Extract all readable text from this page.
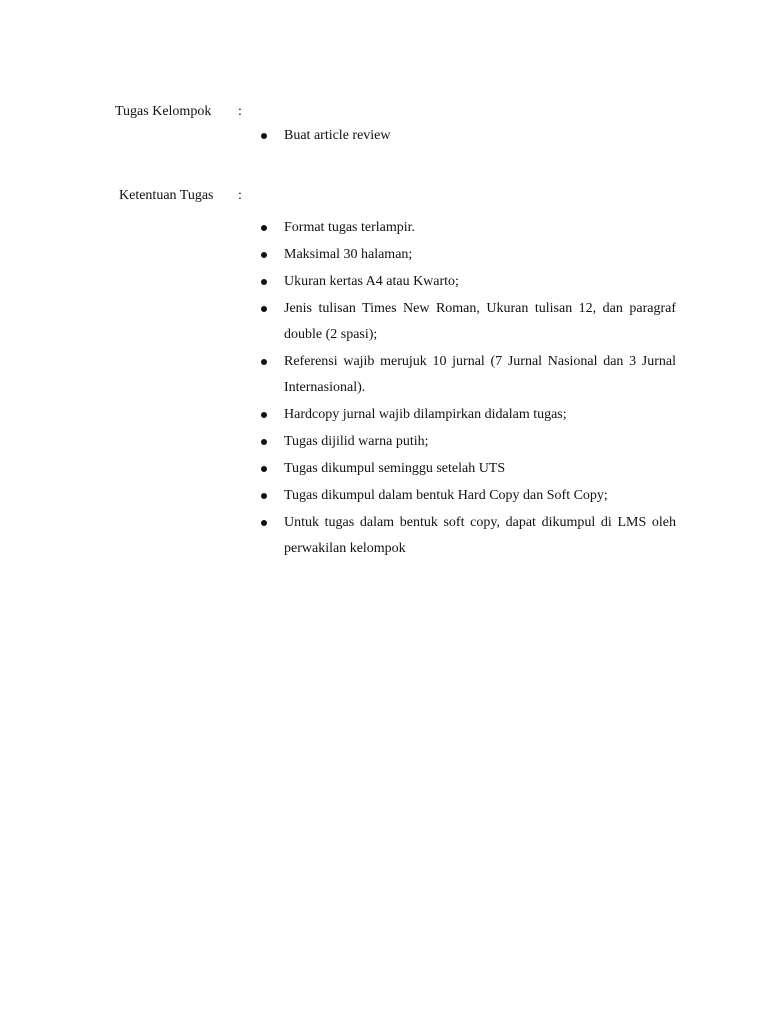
Tugas Kelompok :
Buat article review
Ketentuan Tugas :
Format tugas terlampir.
Maksimal 30 halaman;
Ukuran kertas A4 atau Kwarto;
Jenis tulisan Times New Roman, Ukuran tulisan 12, dan paragraf double (2 spasi);
Referensi wajib merujuk 10 jurnal (7 Jurnal Nasional dan 3 Jurnal Internasional).
Hardcopy jurnal wajib dilampirkan didalam tugas;
Tugas dijilid warna putih;
Tugas dikumpul seminggu setelah UTS
Tugas dikumpul dalam bentuk Hard Copy dan Soft Copy;
Untuk tugas dalam bentuk soft copy, dapat dikumpul di LMS oleh perwakilan kelompok
